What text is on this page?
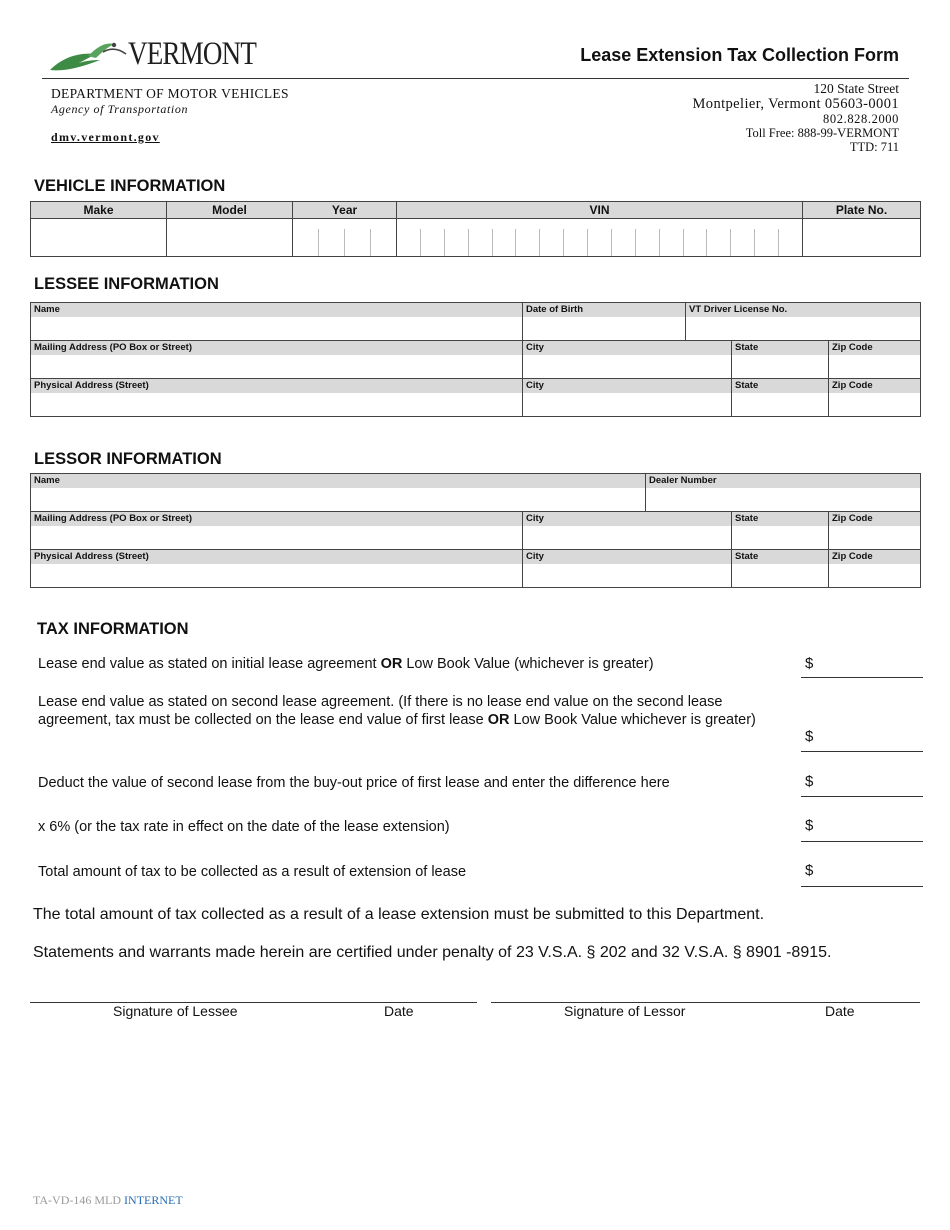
VERMONT	Lease Extension Tax Collection Form
DEPARTMENT OF MOTOR VEHICLES
Agency of Transportation
dmv.vermont.gov
120 State Street
Montpelier, Vermont 05603-0001
802.828.2000
Toll Free: 888-99-VERMONT
TTD: 711
VEHICLE INFORMATION
Make	Model	Year	VIN	Plate No.

LESSEE INFORMATION
Name	Date of Birth	VT Driver License No.		

Mailing Address (PO Box or Street)	City		State	Zip Code

Physical Address (Street)	City		State	Zip Code
LESSOR INFORMATION
Name		Dealer Number		

Mailing Address (PO Box or Street)	City		State	Zip Code

Physical Address (Street)	City		State	Zip Code
TAX INFORMATION
Lease end value as stated on initial lease agreement OR Low Book Value (whichever is greater)	$
Lease end value as stated on second lease agreement. (If there is no lease end value on the second lease agreement, tax must be collected on the lease end value of first lease OR Low Book Value whichever is greater)
$
Deduct the value of second lease from the buy-out price of first lease and enter the difference here	$
x 6% (or the tax rate in effect on the date of the lease extension)	$
Total amount of tax to be collected as a result of extension of lease	$
The total amount of tax collected as a result of a lease extension must be submitted to this Department.
Statements and warrants made herein are certified under penalty of 23 V.S.A. § 202 and 32 V.S.A. § 8901 -8915.
Signature of Lessee	Date	Signature of Lessor	Date
TA-VD-146 MLD INTERNET
